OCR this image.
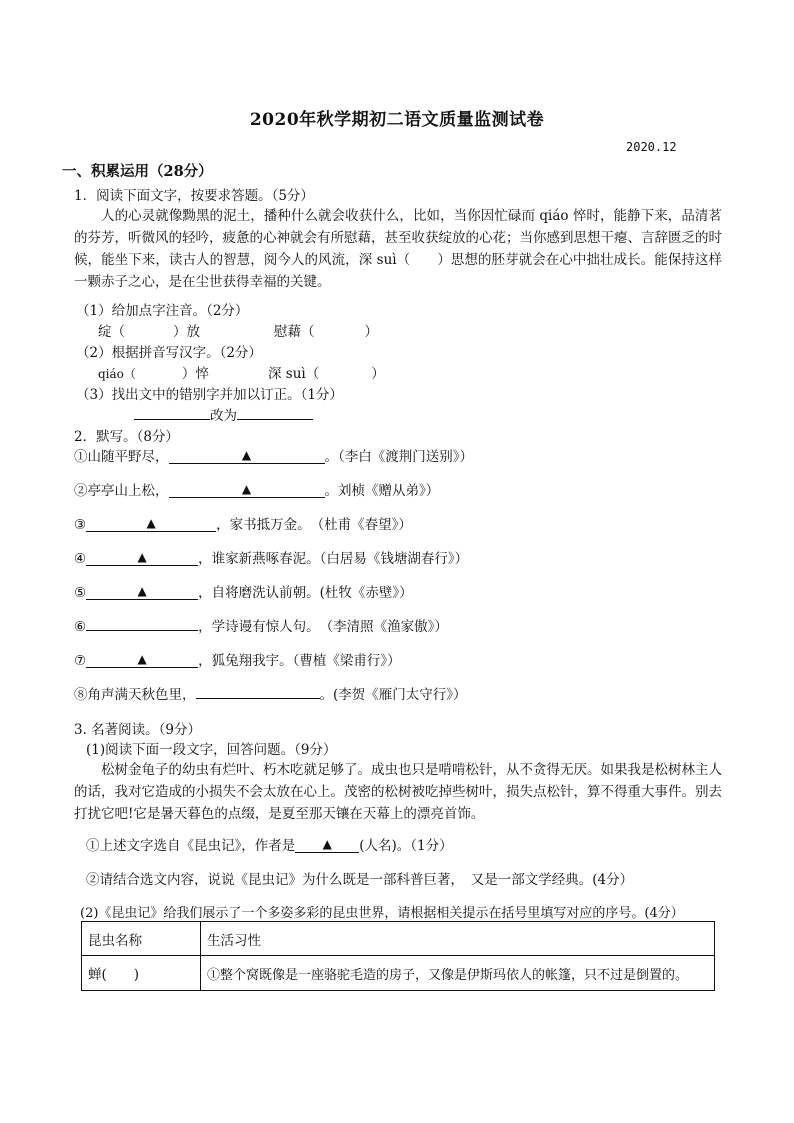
2020年秋学期初二语文质量监测试卷
2020.12
一、积累运用（28分）
1．阅读下面文字，按要求答题。（5分）
人的心灵就像黝黑的泥土，播种什么就会收获什么，比如，当你因忙碌而 qiáo 悴时，能静下来，品清茗的芬芳，听微风的轻吟，疲惫的心神就会有所慰藉，甚至收获绽放的心花；当你感到思想干瘪、言辞匮乏的时候，能坐下来，读古人的智慧，阅今人的风流，深 suì（　　）思想的胚芽就会在心中拙壮成长。能保持这样一颗赤子之心，是在尘世获得幸福的关键。
（1）给加点字注音。（2分）
绽（	）放	慰藉（	）
（2）根据拼音写汉字。（2分）
qiáo（	）悴	深 suì（	）
（3）找出文中的错别字并加以订正。（1分）
改为
2．默写。（8分）
①山随平野尽，	▲	。（李白《渡荆门送别》）
②亭亭山上松，	▲	。刘桢《赠从弟》）
③	▲	，家书抵万金。　（杜甫《春望》）
④	▲	，谁家新燕啄春泥。（白居易《钱塘湖春行》）
⑤	▲	，自将磨洗认前朝。(杜牧《赤壁》）
⑥	，学诗谩有惊人句。　（李清照《渔家傲》）
⑦	▲	，狐兔翔我宇。（曹植《梁甫行》）
⑧角声满天秋色里，	。(李贺《雁门太守行》）
3. 名著阅读。（9分）
(1)阅读下面一段文字，回答问题。（9分）
松树金龟子的幼虫有烂叶、朽木吃就足够了。成虫也只是啃啃松针，从不贪得无厌。如果我是松树林主人的话，我对它造成的小损失不会太放在心上。茂密的松树被吃掉些树叶，损失点松针，算不得重大事件。别去打扰它吧!它是暑天暮色的点缀，是夏至那天镶在天幕上的漂亮首饰。
①上述文字选自《昆虫记》，作者是 ▲ (人名)。（1分）
②请结合选文内容，说说《昆虫记》为什么既是一部科普巨著，　又是一部文学经典。(4分）
(2)《昆虫记》给我们展示了一个多姿多彩的昆虫世界，请根据相关提示在括号里填写对应的序号。(4分）
昆虫名称	生活习性
蝉(　　)	①整个窝既像是一座骆驼毛造的房子，又像是伊斯玛依人的帐篷，只不过是倒置的。
